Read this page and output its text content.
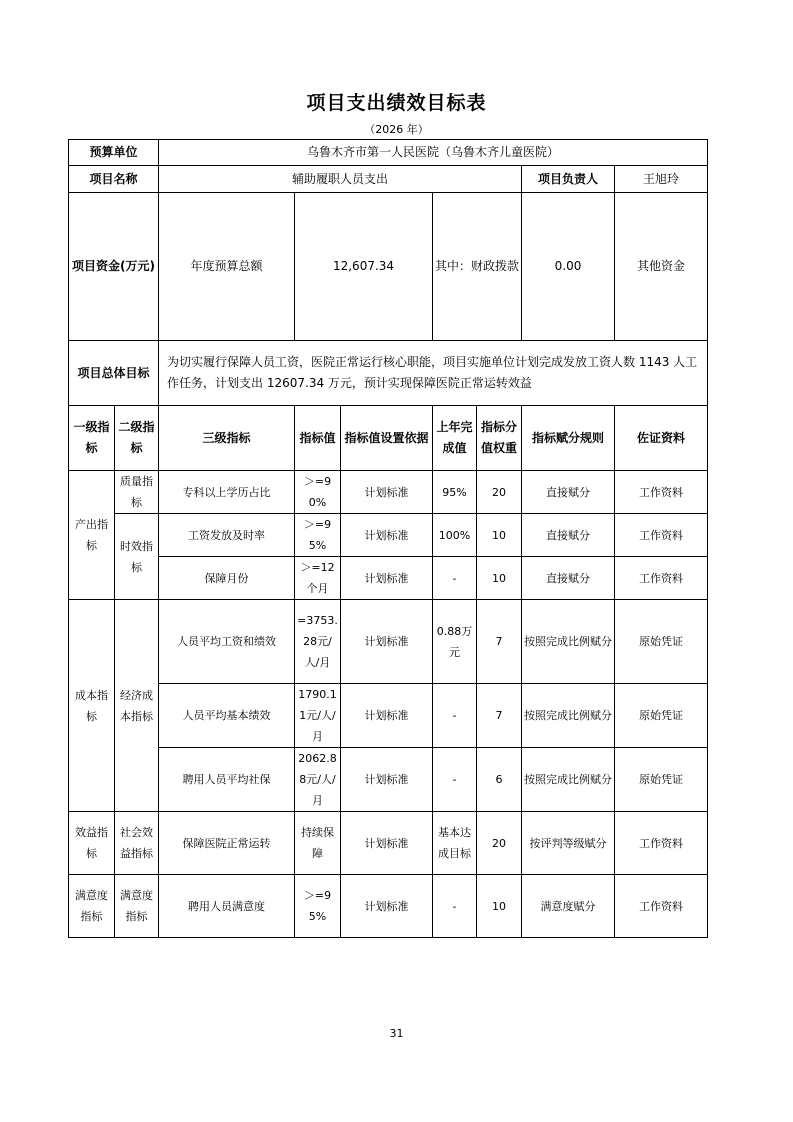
项目支出绩效目标表
（2026 年）
预算单位		乌鲁木齐市第一人民医院（乌鲁木齐儿童医院）							
项目名称		辅助履职人员支出					项目负责人	王旭玲	
项目资金(万元)		年度预算总额	12,607.34		其中：财政拨款		0.00	其他资金	
项目总体目标		为切实履行保障人员工资，医院正常运行核心职能，项目实施单位计划完成发放工资人数 1143 人工作任务，计划支出 12607.34 万元，预计实现保障医院正常运转效益							
一级指标	二级指标	三级指标	指标值	指标值设置依据	上年完成值	指标分值权重	指标赋分规则	佐证资料	
产出指标	质量指标	专科以上学历占比	＞=90%	计划标准	95%	20	直接赋分	工作资料	
	时效指标	工资发放及时率	＞=95%	计划标准	100%	10	直接赋分	工作资料	
		保障月份	＞=12个月	计划标准	-	10	直接赋分	工作资料	
成本指标	经济成本指标	人员平均工资和绩效	=3753.28元/人/月	计划标准	0.88万元	7	按照完成比例赋分	原始凭证	
		人员平均基本绩效	1790.11元/人/月	计划标准	-	7	按照完成比例赋分	原始凭证	
		聘用人员平均社保	2062.88元/人/月	计划标准	-	6	按照完成比例赋分	原始凭证	
效益指标	社会效益指标	保障医院正常运转	持续保障	计划标准	基本达成目标	20	按评判等级赋分	工作资料	
满意度指标	满意度指标	聘用人员满意度	＞=95%	计划标准	-	10	满意度赋分	工作资料	
31
